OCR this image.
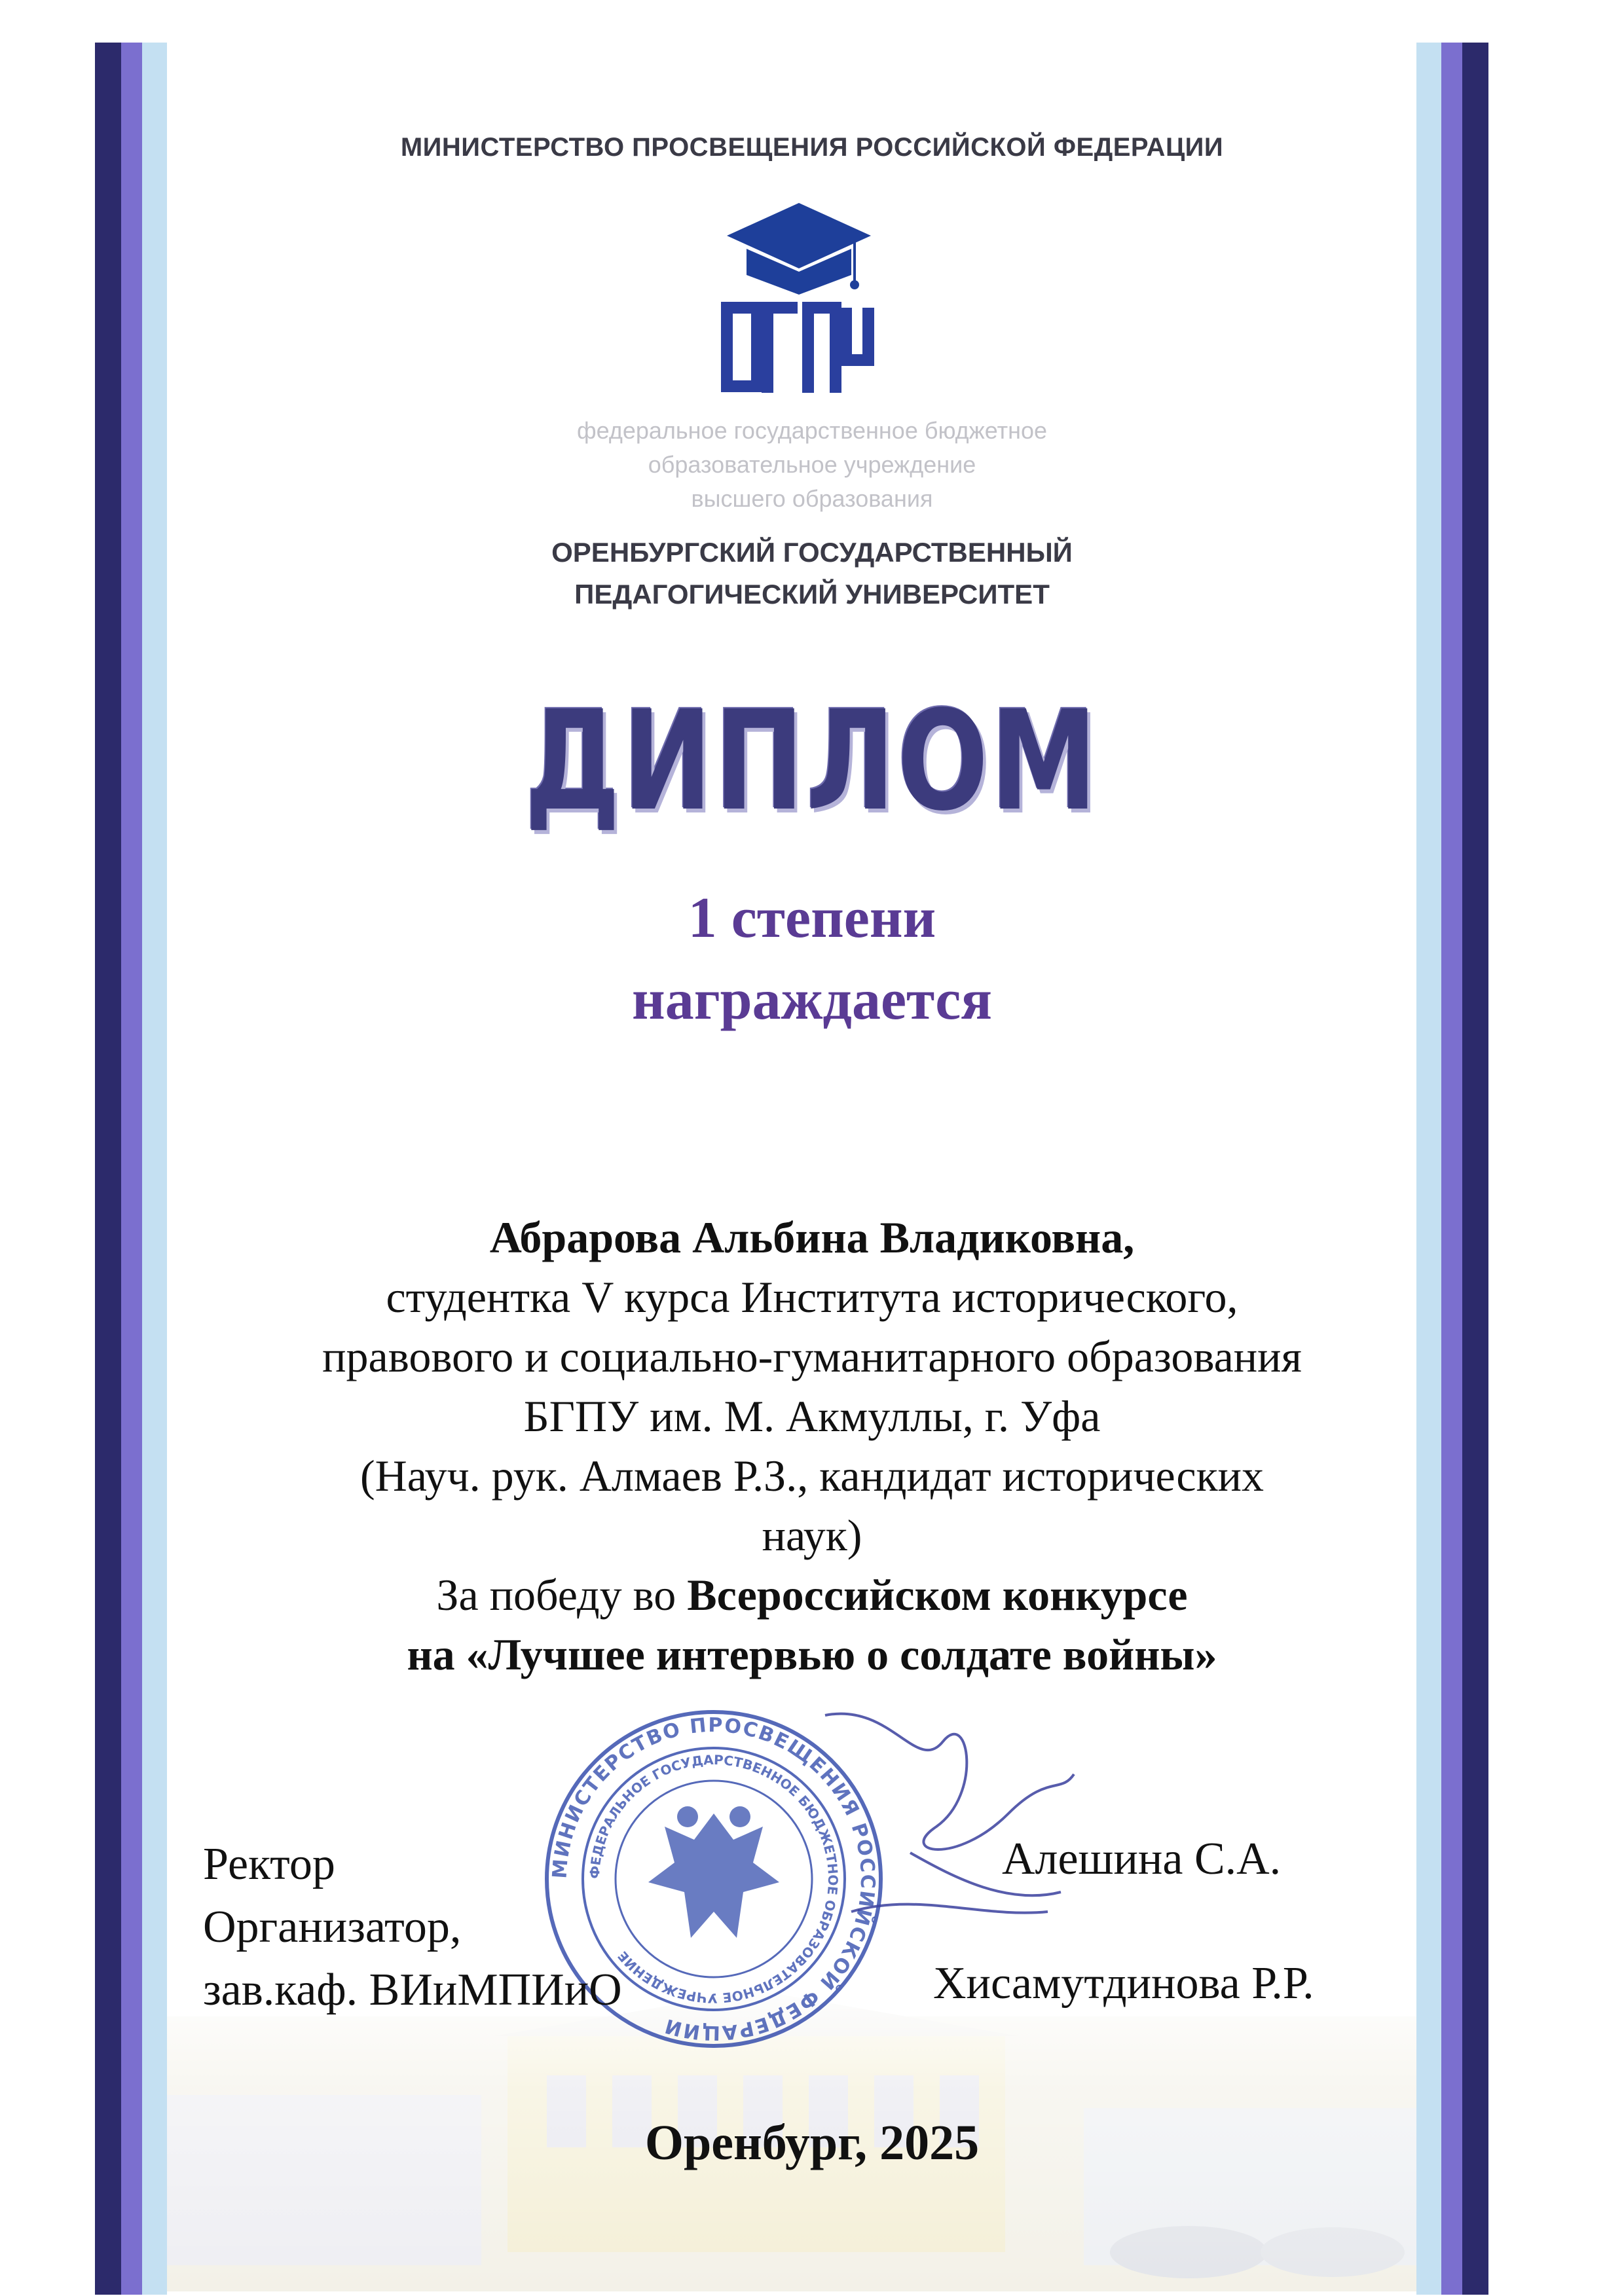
МИНИСТЕРСТВО ПРОСВЕЩЕНИЯ РОССИЙСКОЙ ФЕДЕРАЦИИ
федеральное государственное бюджетное
образовательное учреждение
высшего образования
ОРЕНБУРГСКИЙ ГОСУДАРСТВЕННЫЙ
ПЕДАГОГИЧЕСКИЙ УНИВЕРСИТЕТ
ДИПЛОМ
1 степени
награждается
Абрарова Альбина Владиковна,
студентка V курса Института исторического,
правового и социально-гуманитарного образования
БГПУ им. М. Акмуллы, г. Уфа
(Науч. рук. Алмаев Р.З., кандидат исторических
наук)
За победу во Всероссийском конкурсе
на «Лучшее интервью о солдате войны»
МИНИСТЕРСТВО ПРОСВЕЩЕНИЯ РОССИЙСКОЙ ФЕДЕРАЦИИ
ФЕДЕРАЛЬНОЕ ГОСУДАРСТВЕННОЕ БЮДЖЕТНОЕ ОБРАЗОВАТЕЛЬНОЕ УЧРЕЖДЕНИЕ
Ректор
Организатор,
зав.каф. ВИиМПИиО
Алешина С.А.
Хисамутдинова Р.Р.
Оренбург, 2025
